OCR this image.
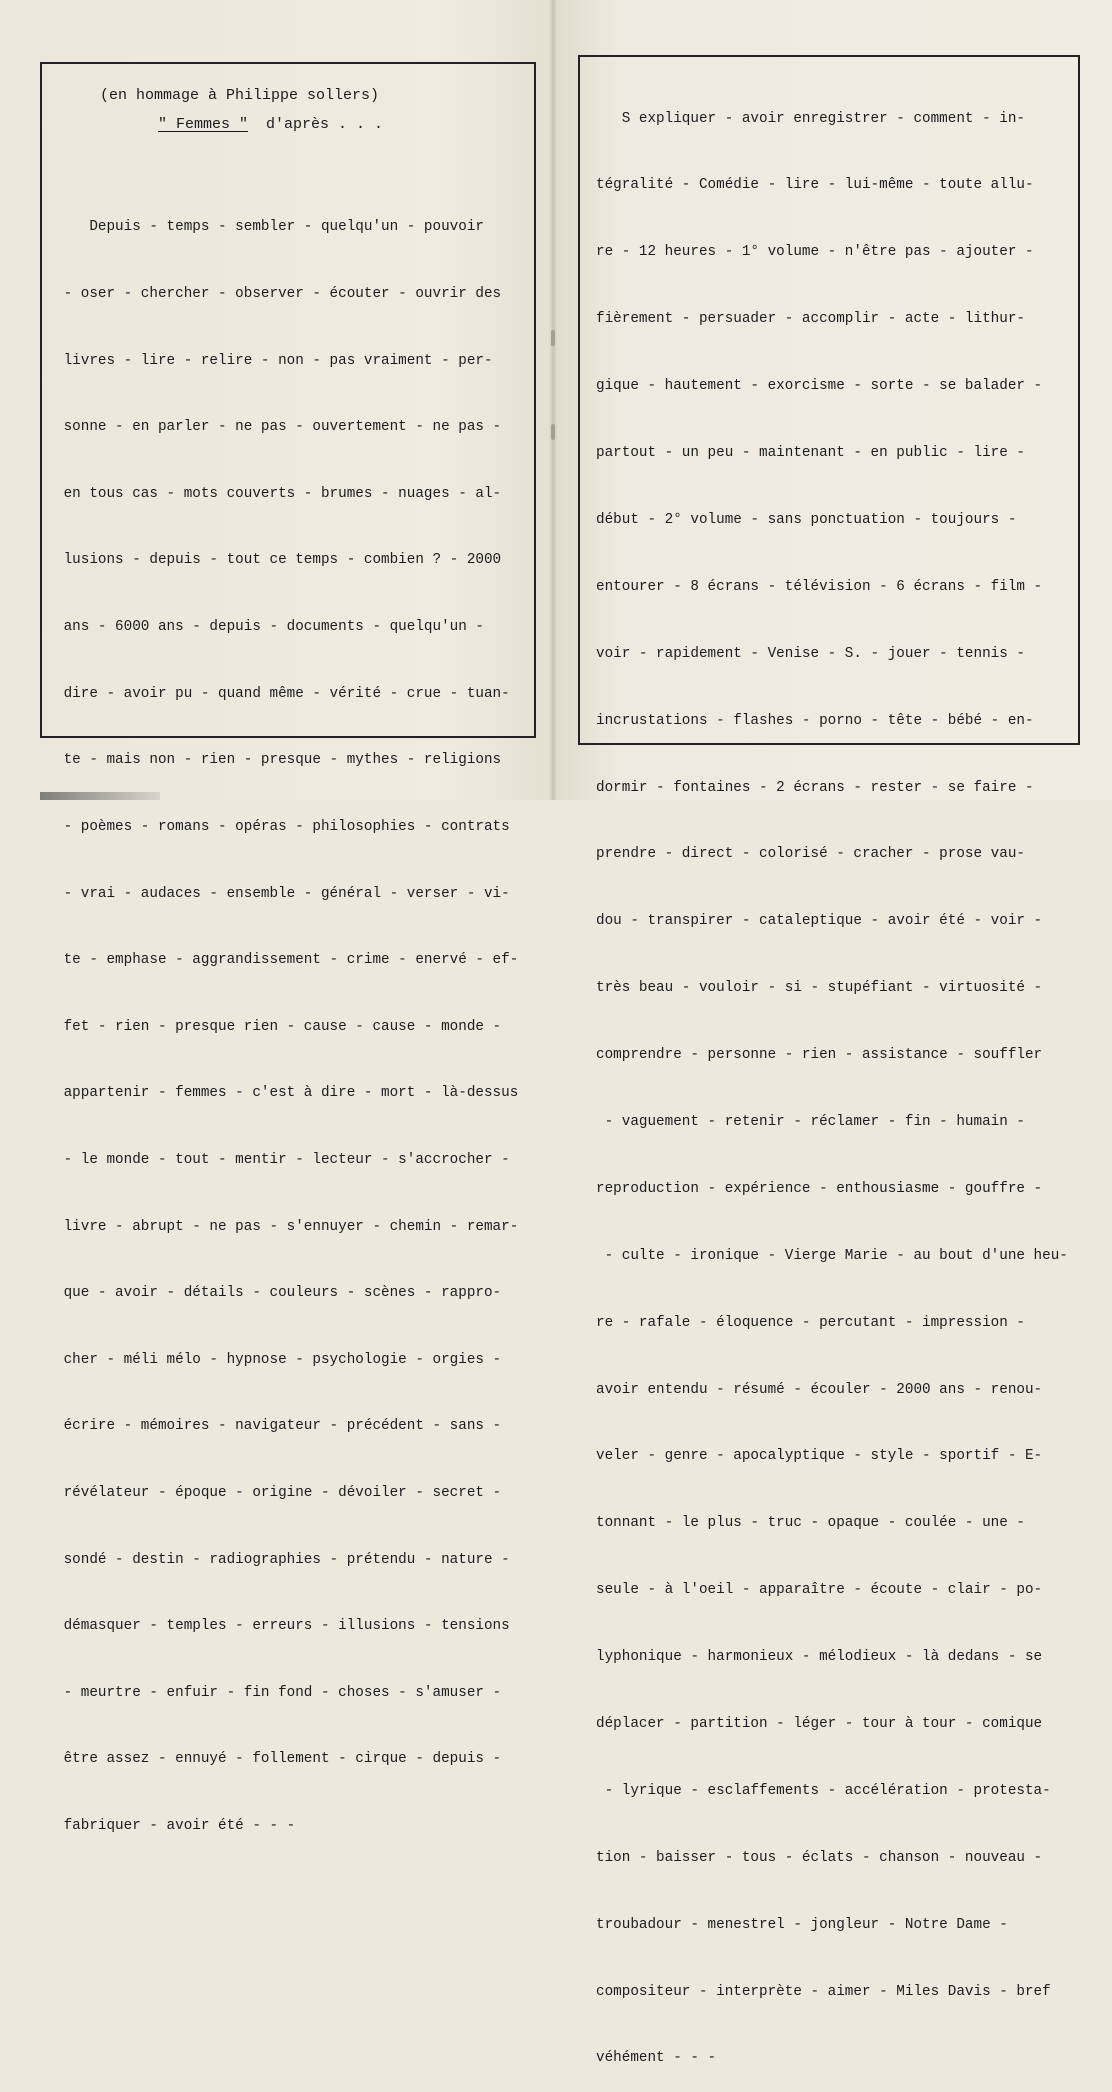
(en hommage à Philippe sollers)
" Femmes " d'après . . .

Depuis - temps - sembler - quelqu'un - pouvoir

- oser - chercher - observer - écouter - ouvrir des

livres - lire - relire - non - pas vraiment - per-

sonne - en parler - ne pas - ouvertement - ne pas -

en tous cas - mots couverts - brumes - nuages - al-

lusions - depuis - tout ce temps - combien ? - 2000

ans - 6000 ans - depuis - documents - quelqu'un -

dire - avoir pu - quand même - vérité - crue - tuan-

te - mais non - rien - presque - mythes - religions

- poèmes - romans - opéras - philosophies - contrats

- vrai - audaces - ensemble - général - verser - vi-

te - emphase - aggrandissement - crime - enervé - ef-

fet - rien - presque rien - cause - cause - monde -

appartenir - femmes - c'est à dire - mort - là-dessus

- le monde - tout - mentir - lecteur - s'accrocher -

livre - abrupt - ne pas - s'ennuyer - chemin - remar-

que - avoir - détails - couleurs - scènes - rappro-

cher - méli mélo - hypnose - psychologie - orgies -

écrire - mémoires - navigateur - précédent - sans -

révélateur - époque - origine - dévoiler - secret -

sondé - destin - radiographies - prétendu - nature -

démasquer - temples - erreurs - illusions - tensions

- meurtre - enfuir - fin fond - choses - s'amuser -

être assez - ennuyé - follement - cirque - depuis -

fabriquer - avoir été - - -

S expliquer - avoir enregistrer - comment - in-

tégralité - Comédie - lire - lui-même - toute allu-

re - 12 heures - 1° volume - n'être pas - ajouter -

fièrement - persuader - accomplir - acte - lithur-

gique - hautement - exorcisme - sorte - se balader -

partout - un peu - maintenant - en public - lire -

début - 2° volume - sans ponctuation - toujours -

entourer - 8 écrans - télévision - 6 écrans - film -

voir - rapidement - Venise - S. - jouer - tennis -

incrustations - flashes - porno - tête - bébé - en-

dormir - fontaines - 2 écrans - rester - se faire -

prendre - direct - colorisé - cracher - prose vau-

dou - transpirer - cataleptique - avoir été - voir -

très beau - vouloir - si - stupéfiant - virtuosité -

comprendre - personne - rien - assistance - souffler

- vaguement - retenir - réclamer - fin - humain -

reproduction - expérience - enthousiasme - gouffre -

- culte - ironique - Vierge Marie - au bout d'une heu-

re - rafale - éloquence - percutant - impression -

avoir entendu - résumé - écouler - 2000 ans - renou-

veler - genre - apocalyptique - style - sportif - E-

tonnant - le plus - truc - opaque - coulée - une -

seule - à l'oeil - apparaître - écoute - clair - po-

lyphonique - harmonieux - mélodieux - là dedans - se

déplacer - partition - léger - tour à tour - comique

- lyrique - esclaffements - accélération - protesta-

tion - baisser - tous - éclats - chanson - nouveau -

troubadour - menestrel - jongleur - Notre Dame -

compositeur - interprète - aimer - Miles Davis - bref

véhément - - -
